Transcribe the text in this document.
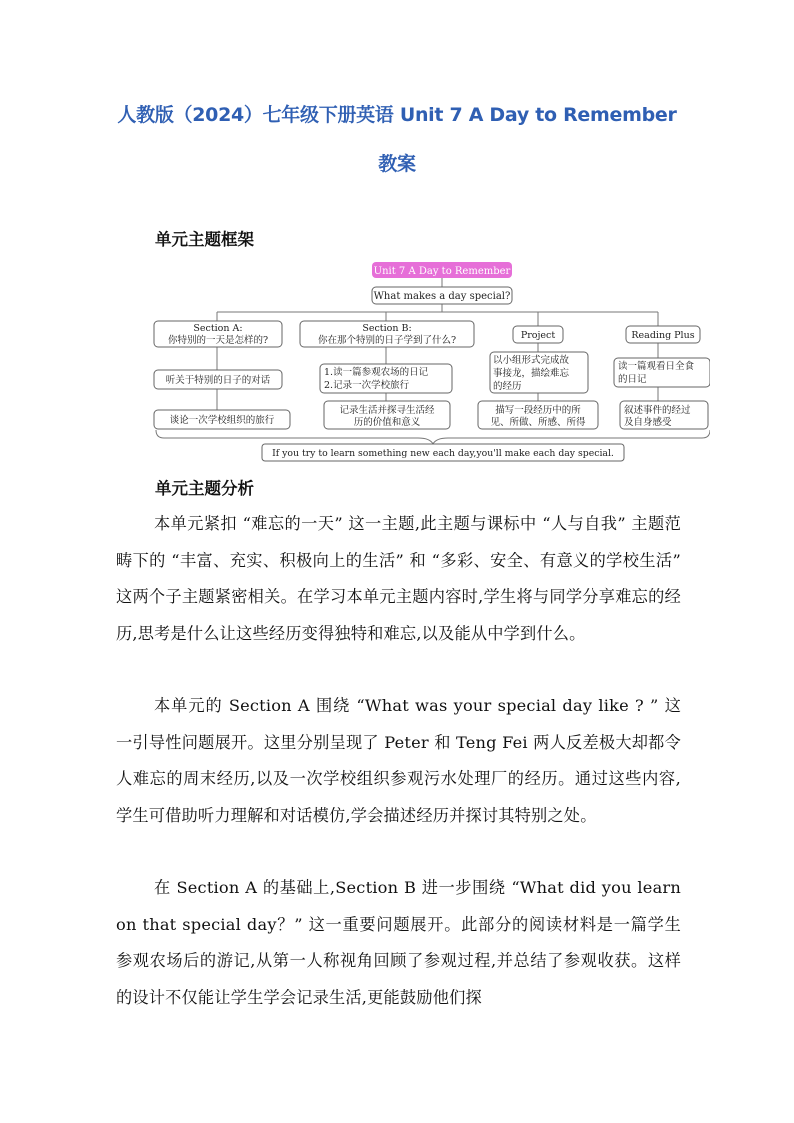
人教版（2024）七年级下册英语 Unit 7 A Day to Remember
教案
单元主题框架
Unit 7 A Day to Remember
What makes a day special?
Section A:
你特别的一天是怎样的?
听关于特别的日子的对话
谈论一次学校组织的旅行
Section B:
你在那个特别的日子学到了什么?
1.读一篇参观农场的日记
2.记录一次学校旅行
记录生活并探寻生活经
历的价值和意义
Project
以小组形式完成故
事接龙，描绘难忘
的经历
描写一段经历中的所
见、所做、所感、所得
Reading Plus
读一篇观看日全食
的日记
叙述事件的经过
及自身感受
If you try to learn something new each day,you'll make each day special.
单元主题分析

本单元紧扣 “难忘的一天” 这一主题,此主题与课标中 “人与自我” 主题范畴下的 “丰富、充实、积极向上的生活” 和 “多彩、安全、有意义的学校生活” 这两个子主题紧密相关。在学习本单元主题内容时,学生将与同学分享难忘的经历,思考是什么让这些经历变得独特和难忘,以及能从中学到什么。

本单元的 Section A 围绕 “What was your special day like ? ” 这一引导性问题展开。这里分别呈现了 Peter 和 Teng Fei 两人反差极大却都令人难忘的周末经历,以及一次学校组织参观污水处理厂的经历。通过这些内容,学生可借助听力理解和对话模仿,学会描述经历并探讨其特别之处。

在 Section A 的基础上,Section B 进一步围绕 “What did you learn on that special day？” 这一重要问题展开。此部分的阅读材料是一篇学生参观农场后的游记,从第一人称视角回顾了参观过程,并总结了参观收获。这样的设计不仅能让学生学会记录生活,更能鼓励他们探
